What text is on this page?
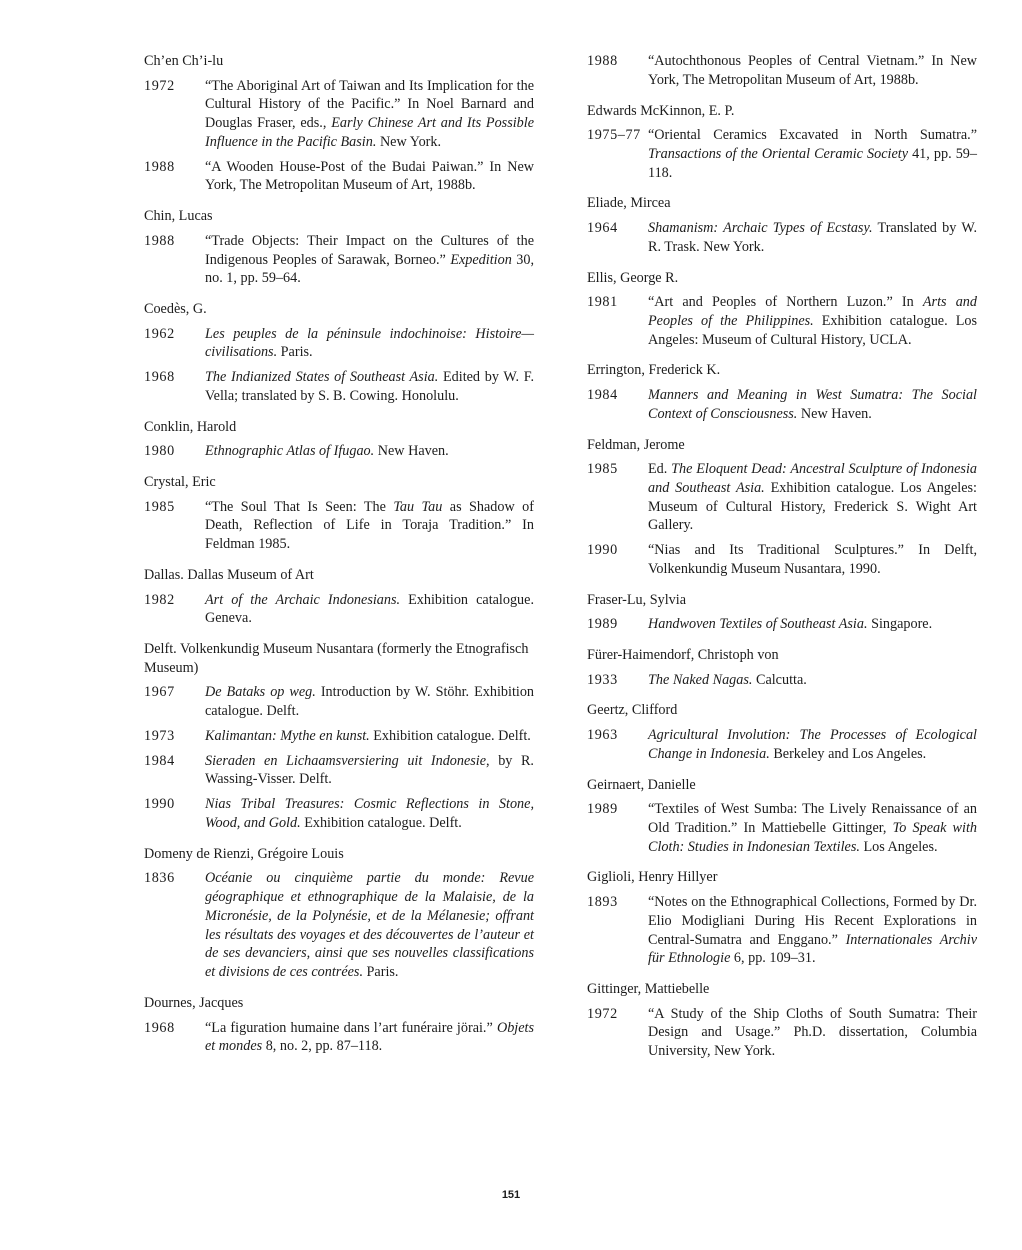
Ch’en Ch’i-lu
1972 “The Aboriginal Art of Taiwan and Its Implication for the Cultural History of the Pacific.” In Noel Barnard and Douglas Fraser, eds., Early Chinese Art and Its Possible Influence in the Pacific Basin. New York.
1988 “A Wooden House-Post of the Budai Paiwan.” In New York, The Metropolitan Museum of Art, 1988b.
Chin, Lucas
1988 “Trade Objects: Their Impact on the Cultures of the Indigenous Peoples of Sarawak, Borneo.” Expedition 30, no. 1, pp. 59–64.
Coedès, G.
1962 Les peuples de la péninsule indochinoise: Histoire—civilisations. Paris.
1968 The Indianized States of Southeast Asia. Edited by W. F. Vella; translated by S. B. Cowing. Honolulu.
Conklin, Harold
1980 Ethnographic Atlas of Ifugao. New Haven.
Crystal, Eric
1985 “The Soul That Is Seen: The Tau Tau as Shadow of Death, Reflection of Life in Toraja Tradition.” In Feldman 1985.
Dallas. Dallas Museum of Art
1982 Art of the Archaic Indonesians. Exhibition catalogue. Geneva.
Delft. Volkenkundig Museum Nusantara (formerly the Etnografisch Museum)
1967 De Bataks op weg. Introduction by W. Stöhr. Exhibition catalogue. Delft.
1973 Kalimantan: Mythe en kunst. Exhibition catalogue. Delft.
1984 Sieraden en Lichaamsversiering uit Indonesie, by R. Wassing-Visser. Delft.
1990 Nias Tribal Treasures: Cosmic Reflections in Stone, Wood, and Gold. Exhibition catalogue. Delft.
Domeny de Rienzi, Grégoire Louis
1836 Océanie ou cinquième partie du monde: Revue géographique et ethnographique de la Malaisie, de la Micronésie, de la Polynésie, et de la Mélanesie; offrant les résultats des voyages et des découvertes de l’auteur et de ses devanciers, ainsi que ses nouvelles classifications et divisions de ces contrées. Paris.
Dournes, Jacques
1968 “La figuration humaine dans l’art funéraire jörai.” Objets et mondes 8, no. 2, pp. 87–118.
1988 “Autochthonous Peoples of Central Vietnam.” In New York, The Metropolitan Museum of Art, 1988b.
Edwards McKinnon, E. P.
1975–77 “Oriental Ceramics Excavated in North Sumatra.” Transactions of the Oriental Ceramic Society 41, pp. 59–118.
Eliade, Mircea
1964 Shamanism: Archaic Types of Ecstasy. Translated by W. R. Trask. New York.
Ellis, George R.
1981 “Art and Peoples of Northern Luzon.” In Arts and Peoples of the Philippines. Exhibition catalogue. Los Angeles: Museum of Cultural History, UCLA.
Errington, Frederick K.
1984 Manners and Meaning in West Sumatra: The Social Context of Consciousness. New Haven.
Feldman, Jerome
1985 Ed. The Eloquent Dead: Ancestral Sculpture of Indonesia and Southeast Asia. Exhibition catalogue. Los Angeles: Museum of Cultural History, Frederick S. Wight Art Gallery.
1990 “Nias and Its Traditional Sculptures.” In Delft, Volkenkundig Museum Nusantara, 1990.
Fraser-Lu, Sylvia
1989 Handwoven Textiles of Southeast Asia. Singapore.
Fürer-Haimendorf, Christoph von
1933 The Naked Nagas. Calcutta.
Geertz, Clifford
1963 Agricultural Involution: The Processes of Ecological Change in Indonesia. Berkeley and Los Angeles.
Geirnaert, Danielle
1989 “Textiles of West Sumba: The Lively Renaissance of an Old Tradition.” In Mattiebelle Gittinger, To Speak with Cloth: Studies in Indonesian Textiles. Los Angeles.
Giglioli, Henry Hillyer
1893 “Notes on the Ethnographical Collections, Formed by Dr. Elio Modigliani During His Recent Explorations in Central-Sumatra and Enggano.” Internationales Archiv für Ethnologie 6, pp. 109–31.
Gittinger, Mattiebelle
1972 “A Study of the Ship Cloths of South Sumatra: Their Design and Usage.” Ph.D. dissertation, Columbia University, New York.
151
